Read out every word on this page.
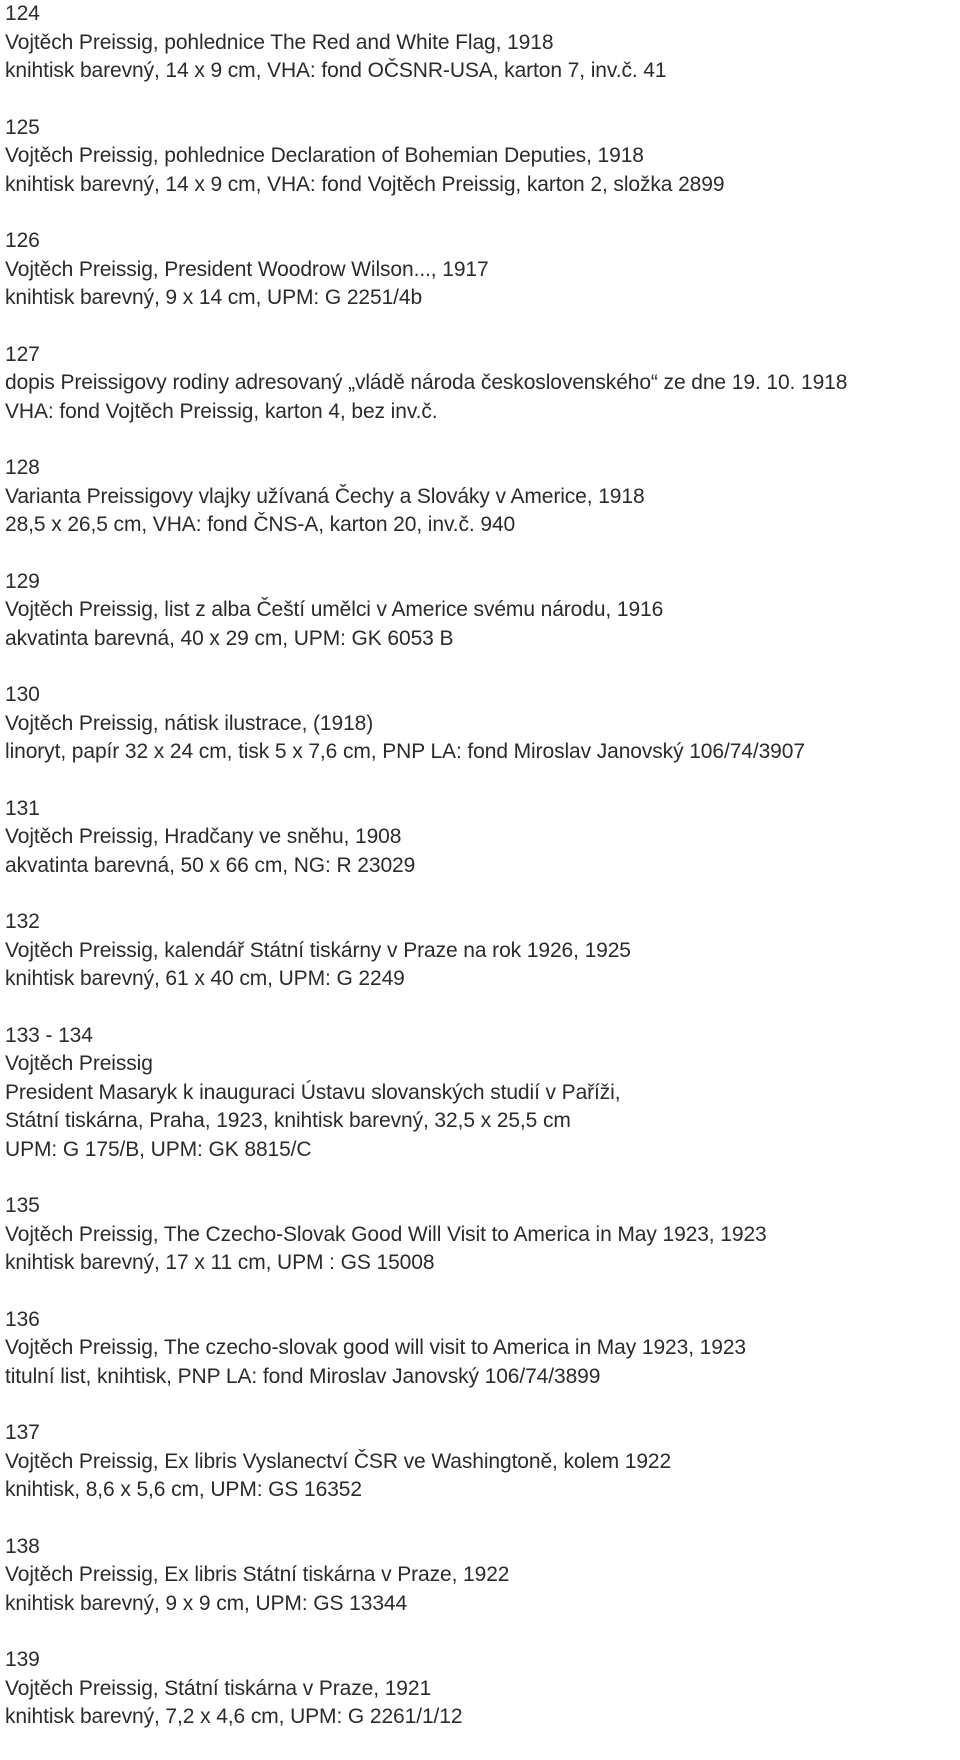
124
Vojtěch Preissig, pohlednice The Red and White Flag, 1918
knihtisk barevný, 14 x 9 cm, VHA: fond OČSNR-USA, karton 7, inv.č. 41
125
Vojtěch Preissig, pohlednice Declaration of Bohemian Deputies, 1918
knihtisk barevný, 14 x 9 cm, VHA: fond Vojtěch Preissig, karton 2, složka 2899
126
Vojtěch Preissig, President Woodrow Wilson..., 1917
knihtisk barevný, 9 x 14 cm, UPM: G 2251/4b
127
dopis Preissigovy rodiny adresovaný „vládě národa československého“ ze dne 19. 10. 1918
VHA: fond Vojtěch Preissig, karton 4, bez inv.č.
128
Varianta Preissigovy vlajky užívaná Čechy a Slováky v Americe, 1918
28,5 x 26,5 cm, VHA: fond ČNS-A, karton 20, inv.č. 940
129
Vojtěch Preissig, list z alba Čeští umělci v Americe svému národu, 1916
akvatinta barevná, 40 x 29 cm, UPM: GK 6053 B
130
Vojtěch Preissig, nátisk ilustrace, (1918)
linoryt, papír 32 x 24 cm, tisk 5 x 7,6 cm, PNP LA: fond Miroslav Janovský 106/74/3907
131
Vojtěch Preissig, Hradčany ve sněhu, 1908
akvatinta barevná, 50 x 66 cm, NG: R 23029
132
Vojtěch Preissig, kalendář Státní tiskárny v Praze na rok 1926, 1925
knihtisk barevný, 61 x 40 cm, UPM: G 2249
133 - 134
Vojtěch Preissig
President Masaryk k inauguraci Ústavu slovanských studií v Paříži,
Státní tiskárna, Praha, 1923, knihtisk barevný, 32,5 x 25,5 cm
UPM: G 175/B, UPM: GK 8815/C
135
Vojtěch Preissig, The Czecho-Slovak Good Will Visit to America in May 1923, 1923
knihtisk barevný, 17 x 11 cm, UPM : GS 15008
136
Vojtěch Preissig, The czecho-slovak good will visit to America in May 1923, 1923
titulní list, knihtisk, PNP LA: fond Miroslav Janovský 106/74/3899
137
Vojtěch Preissig, Ex libris Vyslanectví ČSR ve Washingtoně, kolem 1922
knihtisk, 8,6 x 5,6 cm, UPM: GS 16352
138
Vojtěch Preissig, Ex libris Státní tiskárna v Praze, 1922
knihtisk barevný, 9 x 9 cm, UPM: GS 13344
139
Vojtěch Preissig, Státní tiskárna v Praze, 1921
knihtisk barevný, 7,2 x 4,6 cm, UPM: G 2261/1/12
